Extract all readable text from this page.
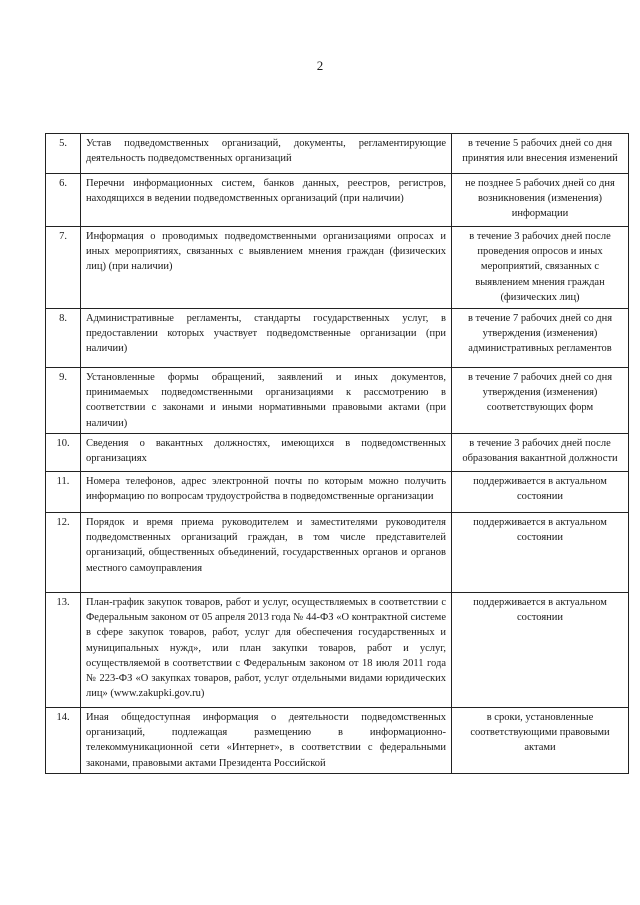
2
5.	Устав подведомственных организаций, документы, регламентирующие деятельность подведомственных организаций	в течение 5 рабочих дней со дня принятия или внесения изменений
6.	Перечни информационных систем, банков данных, реестров, регистров, находящихся в ведении подведомственных организаций (при наличии)	не позднее 5 рабочих дней со дня возникновения (изменения) информации
7.	Информация о проводимых подведомственными организациями опросах и иных мероприятиях, связанных с выявлением мнения граждан (физических лиц) (при наличии)	в течение 3 рабочих дней после проведения опросов и иных мероприятий, связанных с выявлением мнения граждан (физических лиц)
8.	Административные регламенты, стандарты государственных услуг, в предоставлении которых участвует подведомственные организации (при наличии)	в течение 7 рабочих дней со дня утверждения (изменения) административных регламентов
9.	Установленные формы обращений, заявлений и иных документов, принимаемых подведомственными организациями к рассмотрению в соответствии с законами и иными нормативными правовыми актами (при наличии)	в течение 7 рабочих дней со дня утверждения (изменения) соответствующих форм
10.	Сведения о вакантных должностях, имеющихся в подведомственных организациях	в течение 3 рабочих дней после образования вакантной должности
11.	Номера телефонов, адрес электронной почты по которым можно получить информацию по вопросам трудоустройства в подведомственные организации	поддерживается в актуальном состоянии
12.	Порядок и время приема руководителем и заместителями руководителя подведомственных организаций граждан, в том числе представителей организаций, общественных объединений, государственных органов и органов местного самоуправления	поддерживается в актуальном состоянии
13.	План-график закупок товаров, работ и услуг, осуществляемых в соответствии с Федеральным законом от 05 апреля 2013 года № 44-ФЗ «О контрактной системе в сфере закупок товаров, работ, услуг для обеспечения государственных и муниципальных нужд», или план закупки товаров, работ и услуг, осуществляемой в соответствии с Федеральным законом от 18 июля 2011 года № 223-ФЗ «О закупках товаров, работ, услуг отдельными видами юридических лиц» (www.zakupki.gov.ru)	поддерживается в актуальном состоянии
14.	Иная общедоступная информация о деятельности подведомственных организаций, подлежащая размещению в информационно-телекоммуникационной сети «Интернет», в соответствии с федеральными законами, правовыми актами Президента Российской	в сроки, установленные соответствующими правовыми актами
